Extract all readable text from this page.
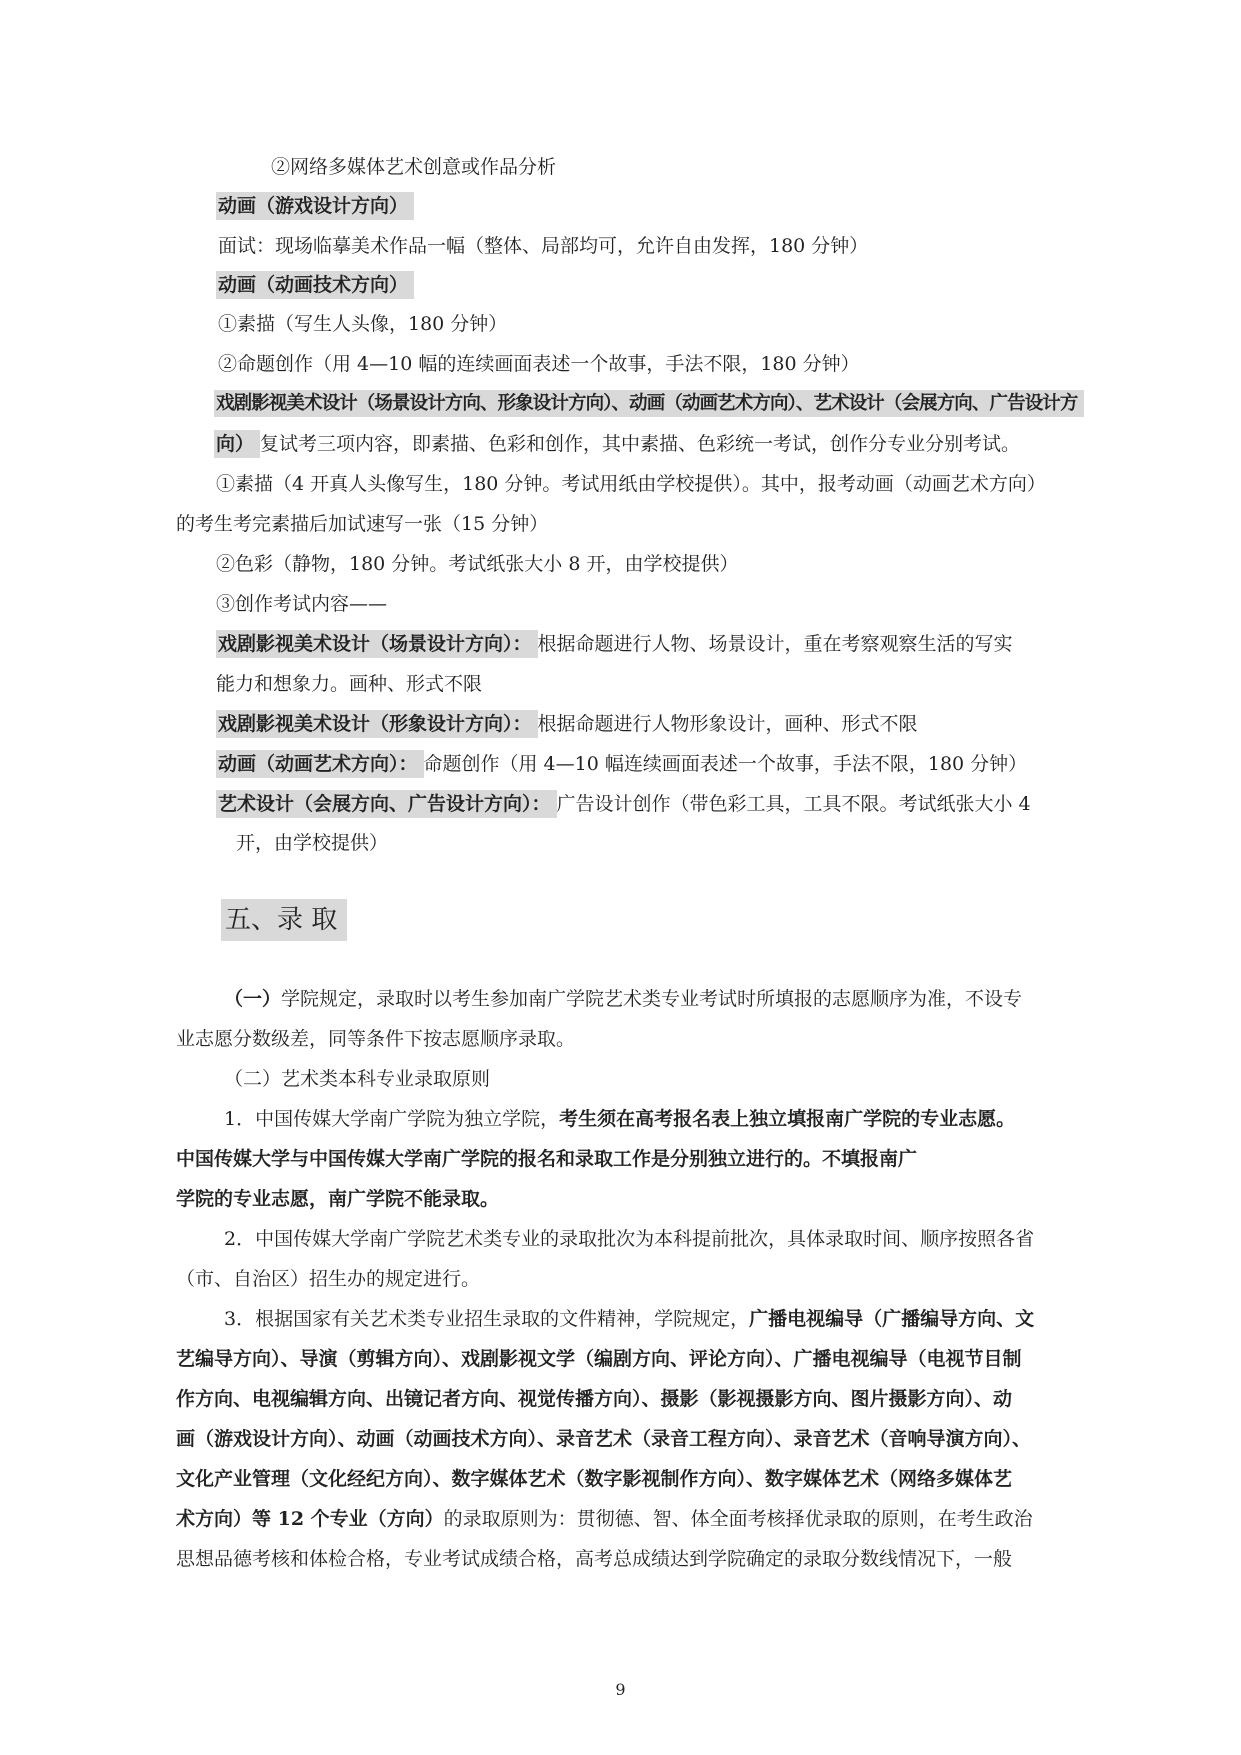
②网络多媒体艺术创意或作品分析
动画（游戏设计方向）
面试：现场临摹美术作品一幅（整体、局部均可，允许自由发挥，180 分钟）
动画（动画技术方向）
①素描（写生人头像，180 分钟）
②命题创作（用 4—10 幅的连续画面表述一个故事，手法不限，180 分钟）
戏剧影视美术设计（场景设计方向、形象设计方向）、动画（动画艺术方向）、艺术设计（会展方向、广告设计方
向） 复试考三项内容，即素描、色彩和创作，其中素描、色彩统一考试，创作分专业分别考试。
①素描（4 开真人头像写生，180 分钟。考试用纸由学校提供）。其中，报考动画（动画艺术方向）
的考生考完素描后加试速写一张（15 分钟）
②色彩（静物，180 分钟。考试纸张大小 8 开，由学校提供）
③创作考试内容——
戏剧影视美术设计（场景设计方向）： 根据命题进行人物、场景设计，重在考察观察生活的写实
能力和想象力。画种、形式不限
戏剧影视美术设计（形象设计方向）： 根据命题进行人物形象设计，画种、形式不限
动画（动画艺术方向）： 命题创作（用 4—10 幅连续画面表述一个故事，手法不限，180 分钟）
艺术设计（会展方向、广告设计方向）： 广告设计创作（带色彩工具，工具不限。考试纸张大小 4
开，由学校提供）
五、录 取
（一）学院规定，录取时以考生参加南广学院艺术类专业考试时所填报的志愿顺序为准，不设专
业志愿分数级差，同等条件下按志愿顺序录取。
（二）艺术类本科专业录取原则
1．中国传媒大学南广学院为独立学院，考生须在高考报名表上独立填报南广学院的专业志愿。
中国传媒大学与中国传媒大学南广学院的报名和录取工作是分别独立进行的。不填报南广
学院的专业志愿，南广学院不能录取。
2．中国传媒大学南广学院艺术类专业的录取批次为本科提前批次，具体录取时间、顺序按照各省
（市、自治区）招生办的规定进行。
3．根据国家有关艺术类专业招生录取的文件精神，学院规定，广播电视编导（广播编导方向、文
艺编导方向）、导演（剪辑方向）、戏剧影视文学（编剧方向、评论方向）、广播电视编导（电视节目制
作方向、电视编辑方向、出镜记者方向、视觉传播方向）、摄影（影视摄影方向、图片摄影方向）、动
画（游戏设计方向）、动画（动画技术方向）、录音艺术（录音工程方向）、录音艺术（音响导演方向）、
文化产业管理（文化经纪方向）、数字媒体艺术（数字影视制作方向）、数字媒体艺术（网络多媒体艺
术方向）等 12 个专业（方向）的录取原则为：贯彻德、智、体全面考核择优录取的原则，在考生政治
思想品德考核和体检合格，专业考试成绩合格，高考总成绩达到学院确定的录取分数线情况下，一般
9
